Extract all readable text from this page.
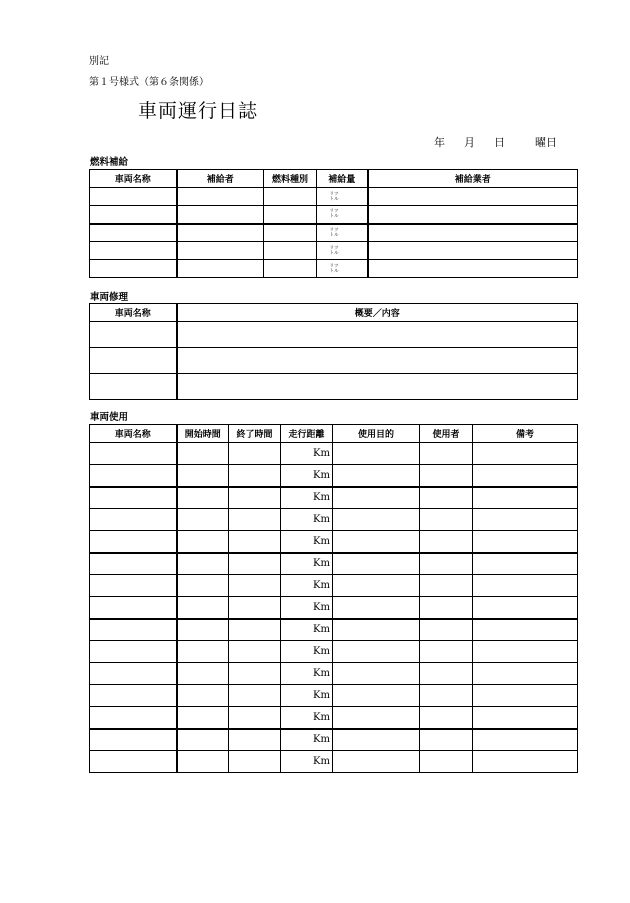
別記
第１号様式（第６条関係）
車両運行日誌
年 月 日	曜日
燃料補給
車両名称	補給者	燃料種別	補給量	補給業者

			リツ
トル	

			リツ
トル	

			リツ
トル	

			リツ
トル	

			リツ
トル	

車両修理
車両名称	概要／内容

車両使用
車両名称	開始時間	終了時間	走行距離	使用目的	使用者	備考
			Km			
			Km			
			Km			
			Km			
			Km			
			Km			
			Km			
			Km			
			Km			
			Km			
			Km			
			Km			
			Km			
			Km			
			Km			
